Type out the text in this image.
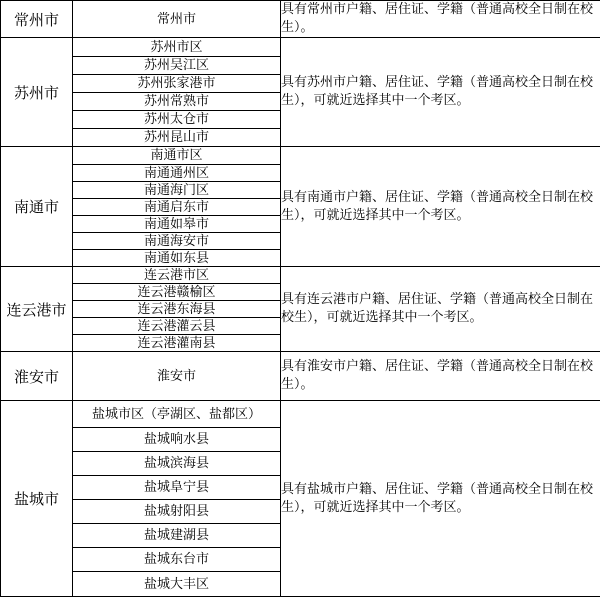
常州市	常州市	具有常州市户籍、居住证、学籍（普通高校全日制在校生）。
苏州市	苏州市区	具有苏州市户籍、居住证、学籍（普通高校全日制在校生），可就近选择其中一个考区。
	苏州吴江区	
	苏州张家港市	
	苏州常熟市	
	苏州太仓市	
	苏州昆山市	
南通市	南通市区	具有南通市户籍、居住证、学籍（普通高校全日制在校生），可就近选择其中一个考区。
	南通通州区	
	南通海门区	
	南通启东市	
	南通如皋市	
	南通海安市	
	南通如东县	
连云港市	连云港市区	具有连云港市户籍、居住证、学籍（普通高校全日制在校生），可就近选择其中一个考区。
	连云港赣榆区	
	连云港东海县	
	连云港灌云县	
	连云港灌南县	
淮安市	淮安市	具有淮安市户籍、居住证、学籍（普通高校全日制在校生）。
盐城市	盐城市区（亭湖区、盐都区）	具有盐城市户籍、居住证、学籍（普通高校全日制在校生），可就近选择其中一个考区。
	盐城响水县	
	盐城滨海县	
	盐城阜宁县	
	盐城射阳县	
	盐城建湖县	
	盐城东台市	
	盐城大丰区	
